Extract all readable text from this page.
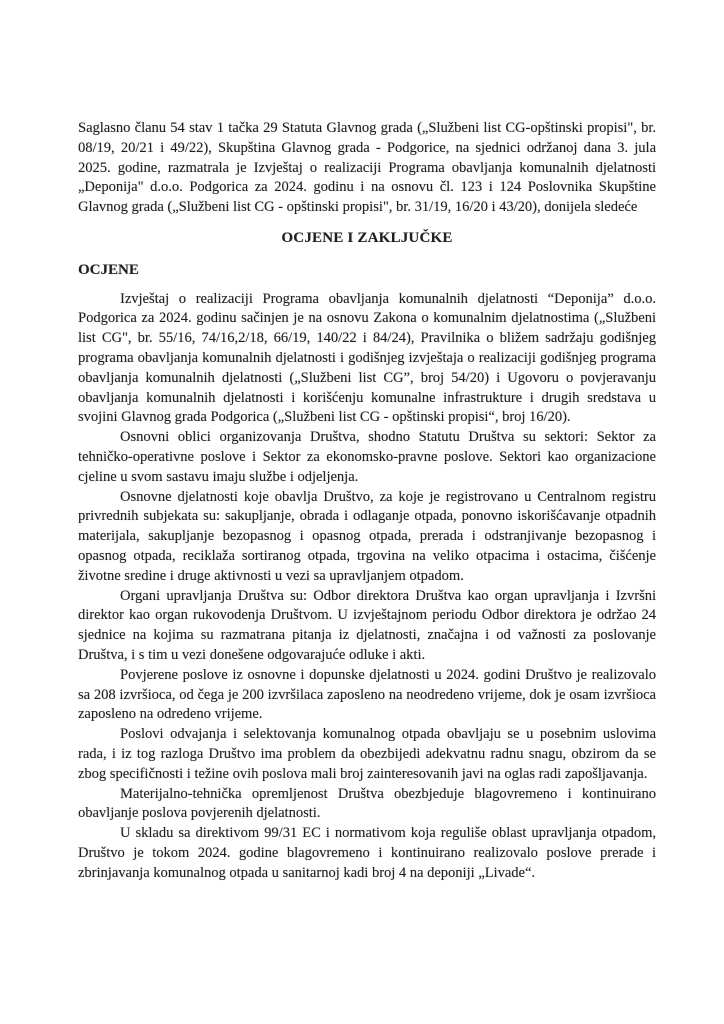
Saglasno članu 54 stav 1 tačka 29 Statuta Glavnog grada („Službeni list CG-opštinski propisi", br. 08/19, 20/21 i 49/22), Skupština Glavnog grada - Podgorice, na sjednici održanoj dana 3. jula 2025. godine, razmatrala je Izvještaj o realizaciji Programa obavljanja komunalnih djelatnosti „Deponija" d.o.o. Podgorica za 2024. godinu i na osnovu čl. 123 i 124 Poslovnika Skupštine Glavnog grada („Službeni list CG - opštinski propisi", br. 31/19, 16/20 i 43/20), donijela sledeće

OCJENE I ZAKLJUČKE
OCJENE

Izvještaj o realizaciji Programa obavljanja komunalnih djelatnosti “Deponija” d.o.o. Podgorica za 2024. godinu sačinjen je na osnovu Zakona o komunalnim djelatnostima („Službeni list CG", br. 55/16, 74/16,2/18, 66/19, 140/22 i 84/24), Pravilnika o bližem sadržaju godišnjeg programa obavljanja komunalnih djelatnosti i godišnjeg izvještaja o realizaciji godišnjeg programa obavljanja komunalnih djelatnosti („Službeni list CG”, broj 54/20) i Ugovoru o povjeravanju obavljanja komunalnih djelatnosti i korišćenju komunalne infrastrukture i drugih sredstava u svojini Glavnog grada Podgorica („Službeni list CG - opštinski propisi“, broj 16/20).

Osnovni oblici organizovanja Društva, shodno Statutu Društva su sektori: Sektor za tehničko-operativne poslove i Sektor za ekonomsko-pravne poslove. Sektori kao organizacione cjeline u svom sastavu imaju službe i odjeljenja.

Osnovne djelatnosti koje obavlja Društvo, za koje je registrovano u Centralnom registru privrednih subjekata su: sakupljanje, obrada i odlaganje otpada, ponovno iskorišćavanje otpadnih materijala, sakupljanje bezopasnog i opasnog otpada, prerada i odstranjivanje bezopasnog i opasnog otpada, reciklaža sortiranog otpada, trgovina na veliko otpacima i ostacima, čišćenje životne sredine i druge aktivnosti u vezi sa upravljanjem otpadom.

Organi upravljanja Društva su: Odbor direktora Društva kao organ upravljanja i Izvršni direktor kao organ rukovodenja Društvom. U izvještajnom periodu Odbor direktora je održao 24 sjednice na kojima su razmatrana pitanja iz djelatnosti, značajna i od važnosti za poslovanje Društva, i s tim u vezi donešene odgovarajuće odluke i akti.

Povjerene poslove iz osnovne i dopunske djelatnosti u 2024. godini Društvo je realizovalo sa 208 izvršioca, od čega je 200 izvršilaca zaposleno na neodredeno vrijeme, dok je osam izvršioca zaposleno na odredeno vrijeme.

Poslovi odvajanja i selektovanja komunalnog otpada obavljaju se u posebnim uslovima rada, i iz tog razloga Društvo ima problem da obezbijedi adekvatnu radnu snagu, obzirom da se zbog specifičnosti i težine ovih poslova mali broj zainteresovanih javi na oglas radi zapošljavanja.

Materijalno-tehnička opremljenost Društva obezbjeduje blagovremeno i kontinuirano obavljanje poslova povjerenih djelatnosti.

U skladu sa direktivom 99/31 EC i normativom koja reguliše oblast upravljanja otpadom, Društvo je tokom 2024. godine blagovremeno i kontinuirano realizovalo poslove prerade i zbrinjavanja komunalnog otpada u sanitarnoj kadi broj 4 na deponiji „Livade“.
